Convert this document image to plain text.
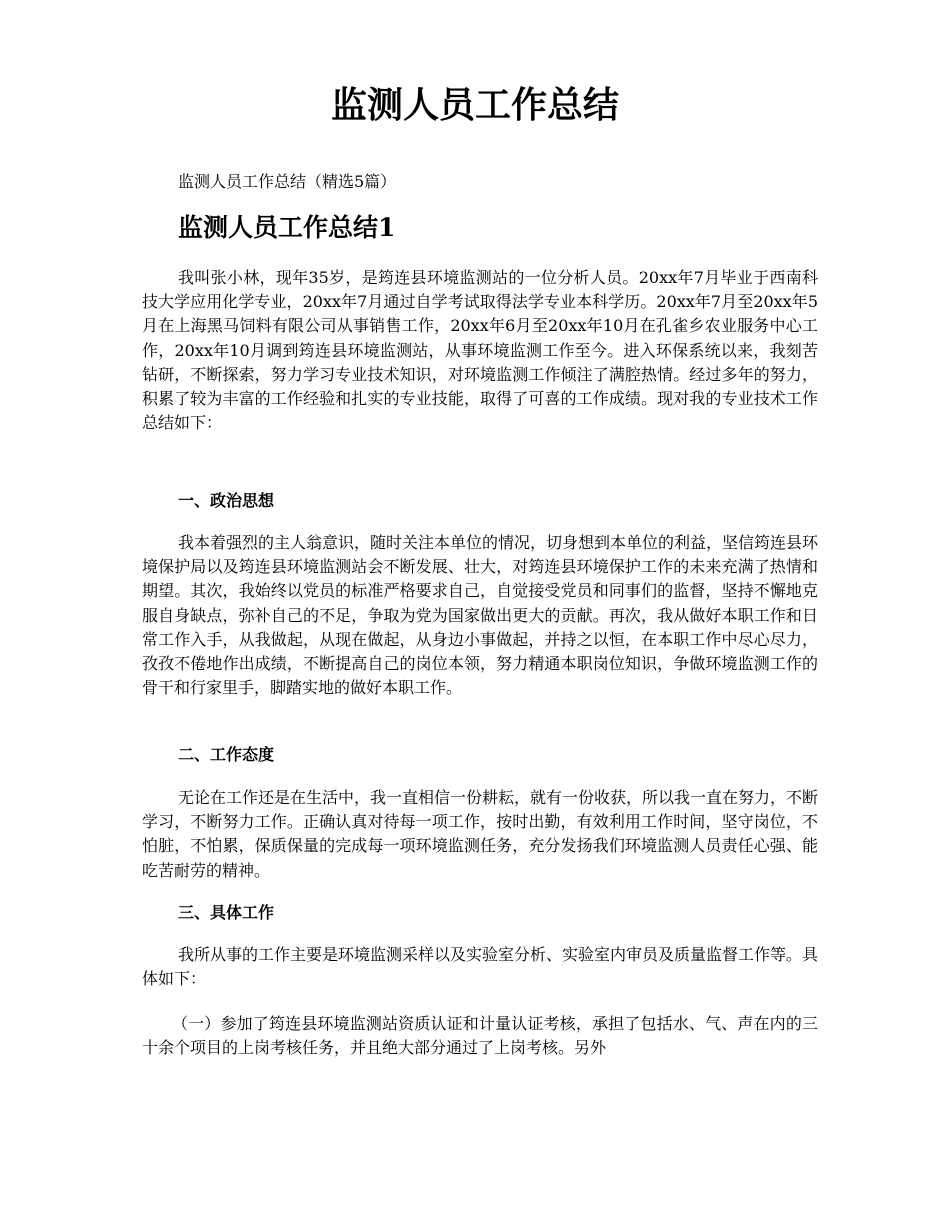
监测人员工作总结

监测人员工作总结（精选5篇）

监测人员工作总结1

我叫张小林，现年35岁，是筠连县环境监测站的一位分析人员。20xx年7月毕业于西南科技大学应用化学专业，20xx年7月通过自学考试取得法学专业本科学历。20xx年7月至20xx年5月在上海黑马饲料有限公司从事销售工作，20xx年6月至20xx年10月在孔雀乡农业服务中心工作，20xx年10月调到筠连县环境监测站，从事环境监测工作至今。进入环保系统以来，我刻苦钻研，不断探索，努力学习专业技术知识，对环境监测工作倾注了满腔热情。经过多年的努力，积累了较为丰富的工作经验和扎实的专业技能，取得了可喜的工作成绩。现对我的专业技术工作总结如下：

一、政治思想

我本着强烈的主人翁意识，随时关注本单位的情况，切身想到本单位的利益，坚信筠连县环境保护局以及筠连县环境监测站会不断发展、壮大，对筠连县环境保护工作的未来充满了热情和期望。其次，我始终以党员的标准严格要求自己，自觉接受党员和同事们的监督，坚持不懈地克服自身缺点，弥补自己的不足，争取为党为国家做出更大的贡献。再次，我从做好本职工作和日常工作入手，从我做起，从现在做起，从身边小事做起，并持之以恒，在本职工作中尽心尽力，孜孜不倦地作出成绩，不断提高自己的岗位本领，努力精通本职岗位知识，争做环境监测工作的骨干和行家里手，脚踏实地的做好本职工作。

二、工作态度

无论在工作还是在生活中，我一直相信一份耕耘，就有一份收获，所以我一直在努力，不断学习，不断努力工作。正确认真对待每一项工作，按时出勤，有效利用工作时间，坚守岗位，不怕脏，不怕累，保质保量的完成每一项环境监测任务，充分发扬我们环境监测人员责任心强、能吃苦耐劳的精神。

三、具体工作

我所从事的工作主要是环境监测采样以及实验室分析、实验室内审员及质量监督工作等。具体如下：

（一）参加了筠连县环境监测站资质认证和计量认证考核，承担了包括水、气、声在内的三十余个项目的上岗考核任务，并且绝大部分通过了上岗考核。另外
